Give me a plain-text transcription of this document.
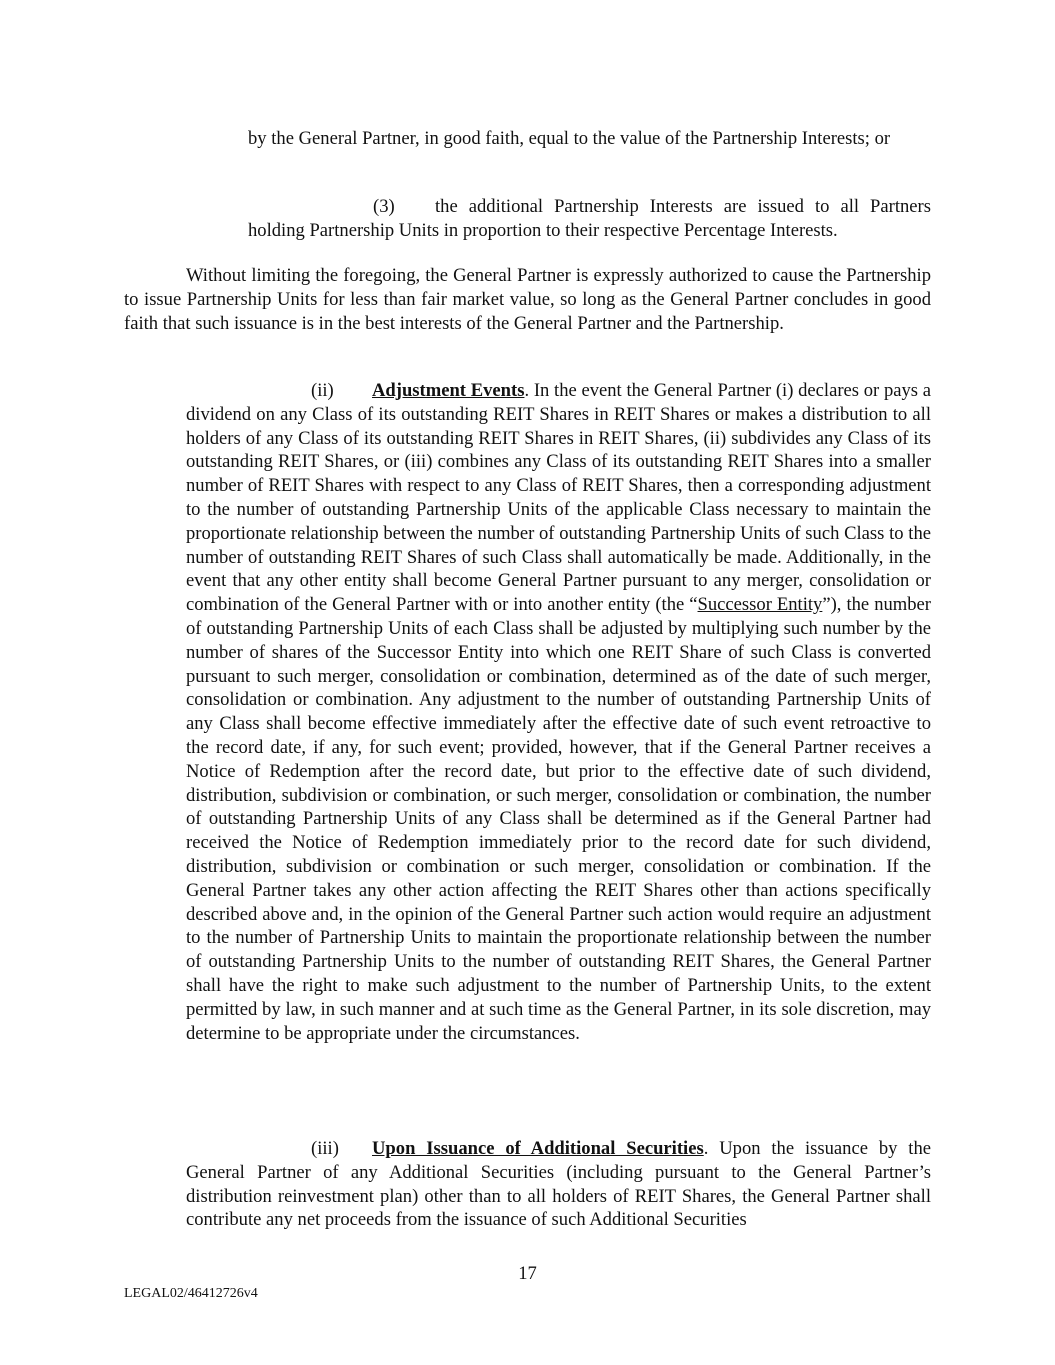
by the General Partner, in good faith, equal to the value of the Partnership Interests; or

(3) the additional Partnership Interests are issued to all Partners holding Partnership Units in proportion to their respective Percentage Interests.

Without limiting the foregoing, the General Partner is expressly authorized to cause the Partnership to issue Partnership Units for less than fair market value, so long as the General Partner concludes in good faith that such issuance is in the best interests of the General Partner and the Partnership.

(ii) Adjustment Events. In the event the General Partner (i) declares or pays a dividend on any Class of its outstanding REIT Shares in REIT Shares or makes a distribution to all holders of any Class of its outstanding REIT Shares in REIT Shares, (ii) subdivides any Class of its outstanding REIT Shares, or (iii) combines any Class of its outstanding REIT Shares into a smaller number of REIT Shares with respect to any Class of REIT Shares, then a corresponding adjustment to the number of outstanding Partnership Units of the applicable Class necessary to maintain the proportionate relationship between the number of outstanding Partnership Units of such Class to the number of outstanding REIT Shares of such Class shall automatically be made. Additionally, in the event that any other entity shall become General Partner pursuant to any merger, consolidation or combination of the General Partner with or into another entity (the “Successor Entity”), the number of outstanding Partnership Units of each Class shall be adjusted by multiplying such number by the number of shares of the Successor Entity into which one REIT Share of such Class is converted pursuant to such merger, consolidation or combination, determined as of the date of such merger, consolidation or combination. Any adjustment to the number of outstanding Partnership Units of any Class shall become effective immediately after the effective date of such event retroactive to the record date, if any, for such event; provided, however, that if the General Partner receives a Notice of Redemption after the record date, but prior to the effective date of such dividend, distribution, subdivision or combination, or such merger, consolidation or combination, the number of outstanding Partnership Units of any Class shall be determined as if the General Partner had received the Notice of Redemption immediately prior to the record date for such dividend, distribution, subdivision or combination or such merger, consolidation or combination. If the General Partner takes any other action affecting the REIT Shares other than actions specifically described above and, in the opinion of the General Partner such action would require an adjustment to the number of Partnership Units to maintain the proportionate relationship between the number of outstanding Partnership Units to the number of outstanding REIT Shares, the General Partner shall have the right to make such adjustment to the number of Partnership Units, to the extent permitted by law, in such manner and at such time as the General Partner, in its sole discretion, may determine to be appropriate under the circumstances.

(iii) Upon Issuance of Additional Securities. Upon the issuance by the General Partner of any Additional Securities (including pursuant to the General Partner’s distribution reinvestment plan) other than to all holders of REIT Shares, the General Partner shall contribute any net proceeds from the issuance of such Additional Securities

17
LEGAL02/46412726v4
